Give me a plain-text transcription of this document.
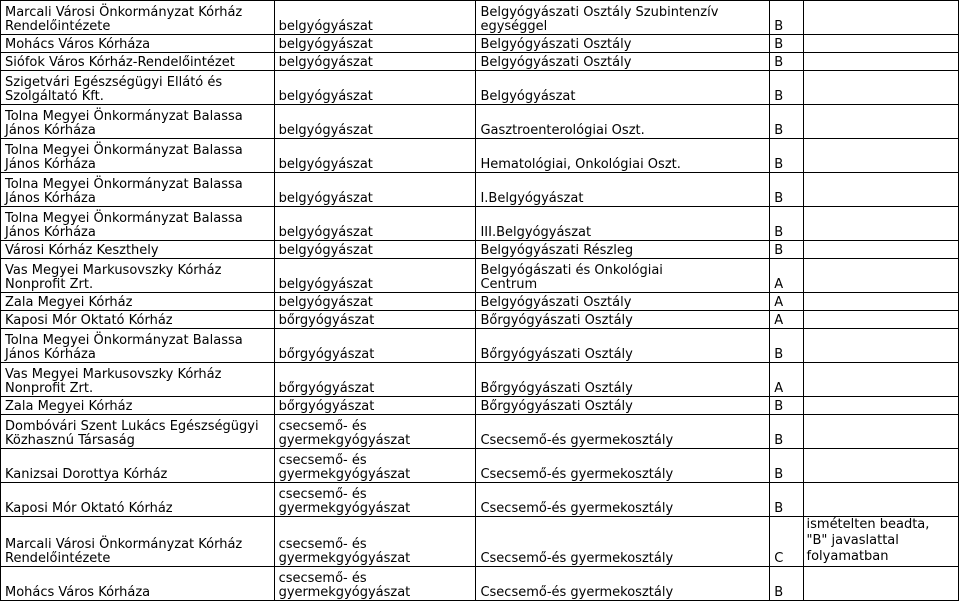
Marcali Városi Önkormányzat Kórház
Rendelőintézete	belgyógyászat	Belgyógyászati Osztály Szubintenzív
egységgel	B	
Mohács Város Kórháza	belgyógyászat	Belgyógyászati Osztály	B	
Siófok Város Kórház-Rendelőintézet	belgyógyászat	Belgyógyászati Osztály	B	
Szigetvári Egészségügyi Ellátó és
Szolgáltató Kft.	belgyógyászat	Belgyógyászat	B	
Tolna Megyei Önkormányzat Balassa
János Kórháza	belgyógyászat	Gasztroenterológiai Oszt.	B	
Tolna Megyei Önkormányzat Balassa
János Kórháza	belgyógyászat	Hematológiai, Onkológiai Oszt.	B	
Tolna Megyei Önkormányzat Balassa
János Kórháza	belgyógyászat	I.Belgyógyászat	B	
Tolna Megyei Önkormányzat Balassa
János Kórháza	belgyógyászat	III.Belgyógyászat	B	
Városi Kórház Keszthely	belgyógyászat	Belgyógyászati Részleg	B	
Vas Megyei Markusovszky Kórház
Nonprofit Zrt.	belgyógyászat	Belgyógászati és Onkológiai
Centrum	A	
Zala Megyei Kórház	belgyógyászat	Belgyógyászati Osztály	A	
Kaposi Mór Oktató Kórház	bőrgyógyászat	Bőrgyógyászati Osztály	A	
Tolna Megyei Önkormányzat Balassa
János Kórháza	bőrgyógyászat	Bőrgyógyászati Osztály	B	
Vas Megyei Markusovszky Kórház
Nonprofit Zrt.	bőrgyógyászat	Bőrgyógyászati Osztály	A	
Zala Megyei Kórház	bőrgyógyászat	Bőrgyógyászati Osztály	B	
Dombóvári Szent Lukács Egészségügyi
Közhasznú Társaság	csecsemő- és
gyermekgyógyászat	Csecsemő-és gyermekosztály	B	
Kanizsai Dorottya Kórház	csecsemő- és
gyermekgyógyászat	Csecsemő-és gyermekosztály	B	
Kaposi Mór Oktató Kórház	csecsemő- és
gyermekgyógyászat	Csecsemő-és gyermekosztály	B	
Marcali Városi Önkormányzat Kórház
Rendelőintézete	csecsemő- és
gyermekgyógyászat	Csecsemő-és gyermekosztály	C	ismételten beadta,
"B" javaslattal
folyamatban
Mohács Város Kórháza	csecsemő- és
gyermekgyógyászat	Csecsemő-és gyermekosztály	B	
